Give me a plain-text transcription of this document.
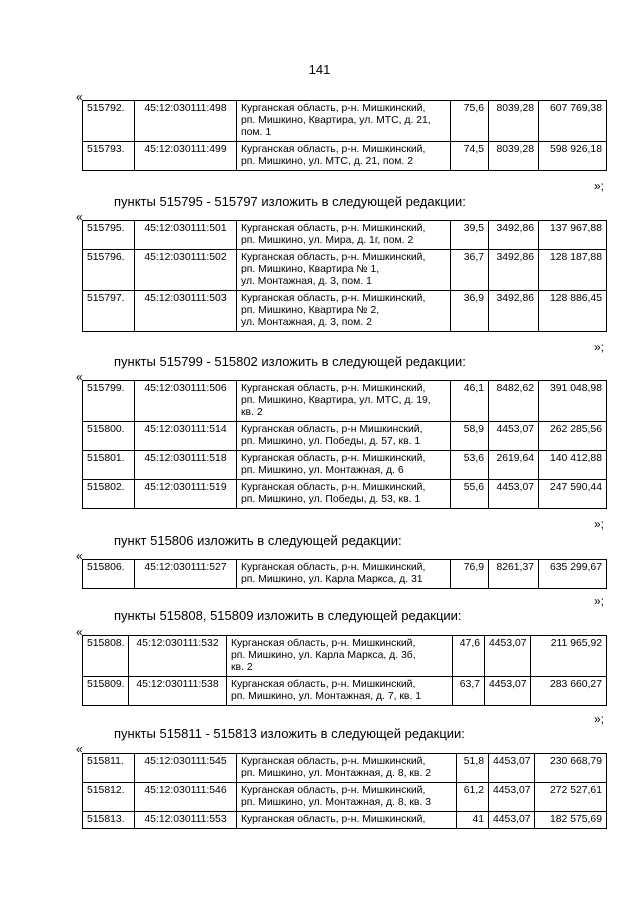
141
«
515792.	45:12:030111:498	Курганская область, р-н. Мишкинский,
рп. Мишкино, Квартира, ул. МТС, д. 21,
пом. 1	75,6	8039,28	607 769,38
515793.	45:12:030111:499	Курганская область, р-н. Мишкинский,
рп. Мишкино, ул. МТС, д. 21, пом. 2	74,5	8039,28	598 926,18
»;
пункты 515795 - 515797 изложить в следующей редакции:
«
515795.	45:12:030111:501	Курганская область, р-н. Мишкинский,
рп. Мишкино, ул. Мира, д. 1г, пом. 2	39,5	3492,86	137 967,88
515796.	45:12:030111:502	Курганская область, р-н. Мишкинский,
рп. Мишкино, Квартира № 1,
ул. Монтажная, д. 3, пом. 1	36,7	3492,86	128 187,88
515797.	45:12:030111:503	Курганская область, р-н. Мишкинский,
рп. Мишкино, Квартира № 2,
ул. Монтажная, д. 3, пом. 2	36,9	3492,86	128 886,45
»;
пункты 515799 - 515802 изложить в следующей редакции:
«
515799.	45:12:030111:506	Курганская область, р-н. Мишкинский,
рп. Мишкино, Квартира, ул. МТС, д. 19,
кв. 2	46,1	8482,62	391 048,98
515800.	45:12:030111:514	Курганская область, р-н Мишкинский,
рп. Мишкино, ул. Победы, д. 57, кв. 1	58,9	4453,07	262 285,56
515801.	45:12:030111:518	Курганская область, р-н. Мишкинский,
рп. Мишкино, ул. Монтажная, д. 6	53,6	2619,64	140 412,88
515802.	45:12:030111:519	Курганская область, р-н. Мишкинский,
рп. Мишкино, ул. Победы, д. 53, кв. 1	55,6	4453,07	247 590,44
»;
пункт 515806 изложить в следующей редакции:
«
515806.	45:12:030111:527	Курганская область, р-н. Мишкинский,
рп. Мишкино, ул. Карла Маркса, д. 31
	76,9	8261,37	635 299,67
»;
пункты 515808, 515809 изложить в следующей редакции:
«
515808.	45:12:030111:532	Курганская область, р-н. Мишкинский,
рп. Мишкино, ул. Карла Маркса, д. 3б,
кв. 2	47,6	4453,07	211 965,92
515809.	45:12:030111:538	Курганская область, р-н. Мишкинский,
рп. Мишкино, ул. Монтажная, д. 7, кв. 1	63,7	4453,07	283 660,27
»;
пункты 515811 - 515813 изложить в следующей редакции:
«
515811.	45:12:030111:545	Курганская область, р-н. Мишкинский,
рп. Мишкино, ул. Монтажная, д. 8, кв. 2	51,8	4453,07	230 668,79
515812.	45:12:030111:546	Курганская область, р-н. Мишкинский,
рп. Мишкино, ул. Монтажная, д. 8, кв. 3	61,2	4453,07	272 527,61
515813.	45:12:030111:553	Курганская область, р-н. Мишкинский,	41	4453,07	182 575,69
